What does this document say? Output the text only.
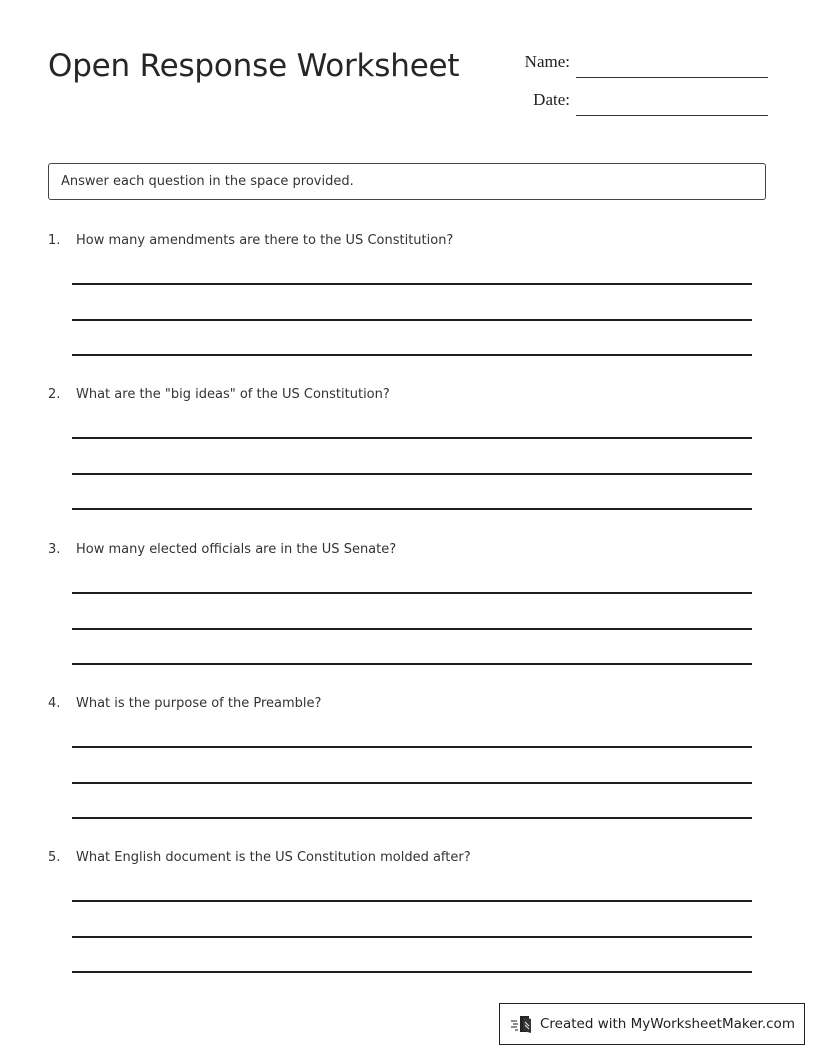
Open Response Worksheet	Name:
Date:
Answer each question in the space provided.
1. How many amendments are there to the US Constitution?
2. What are the "big ideas" of the US Constitution?
3. How many elected officials are in the US Senate?
4. What is the purpose of the Preamble?
5. What English document is the US Constitution molded after?
Created with MyWorksheetMaker.com
